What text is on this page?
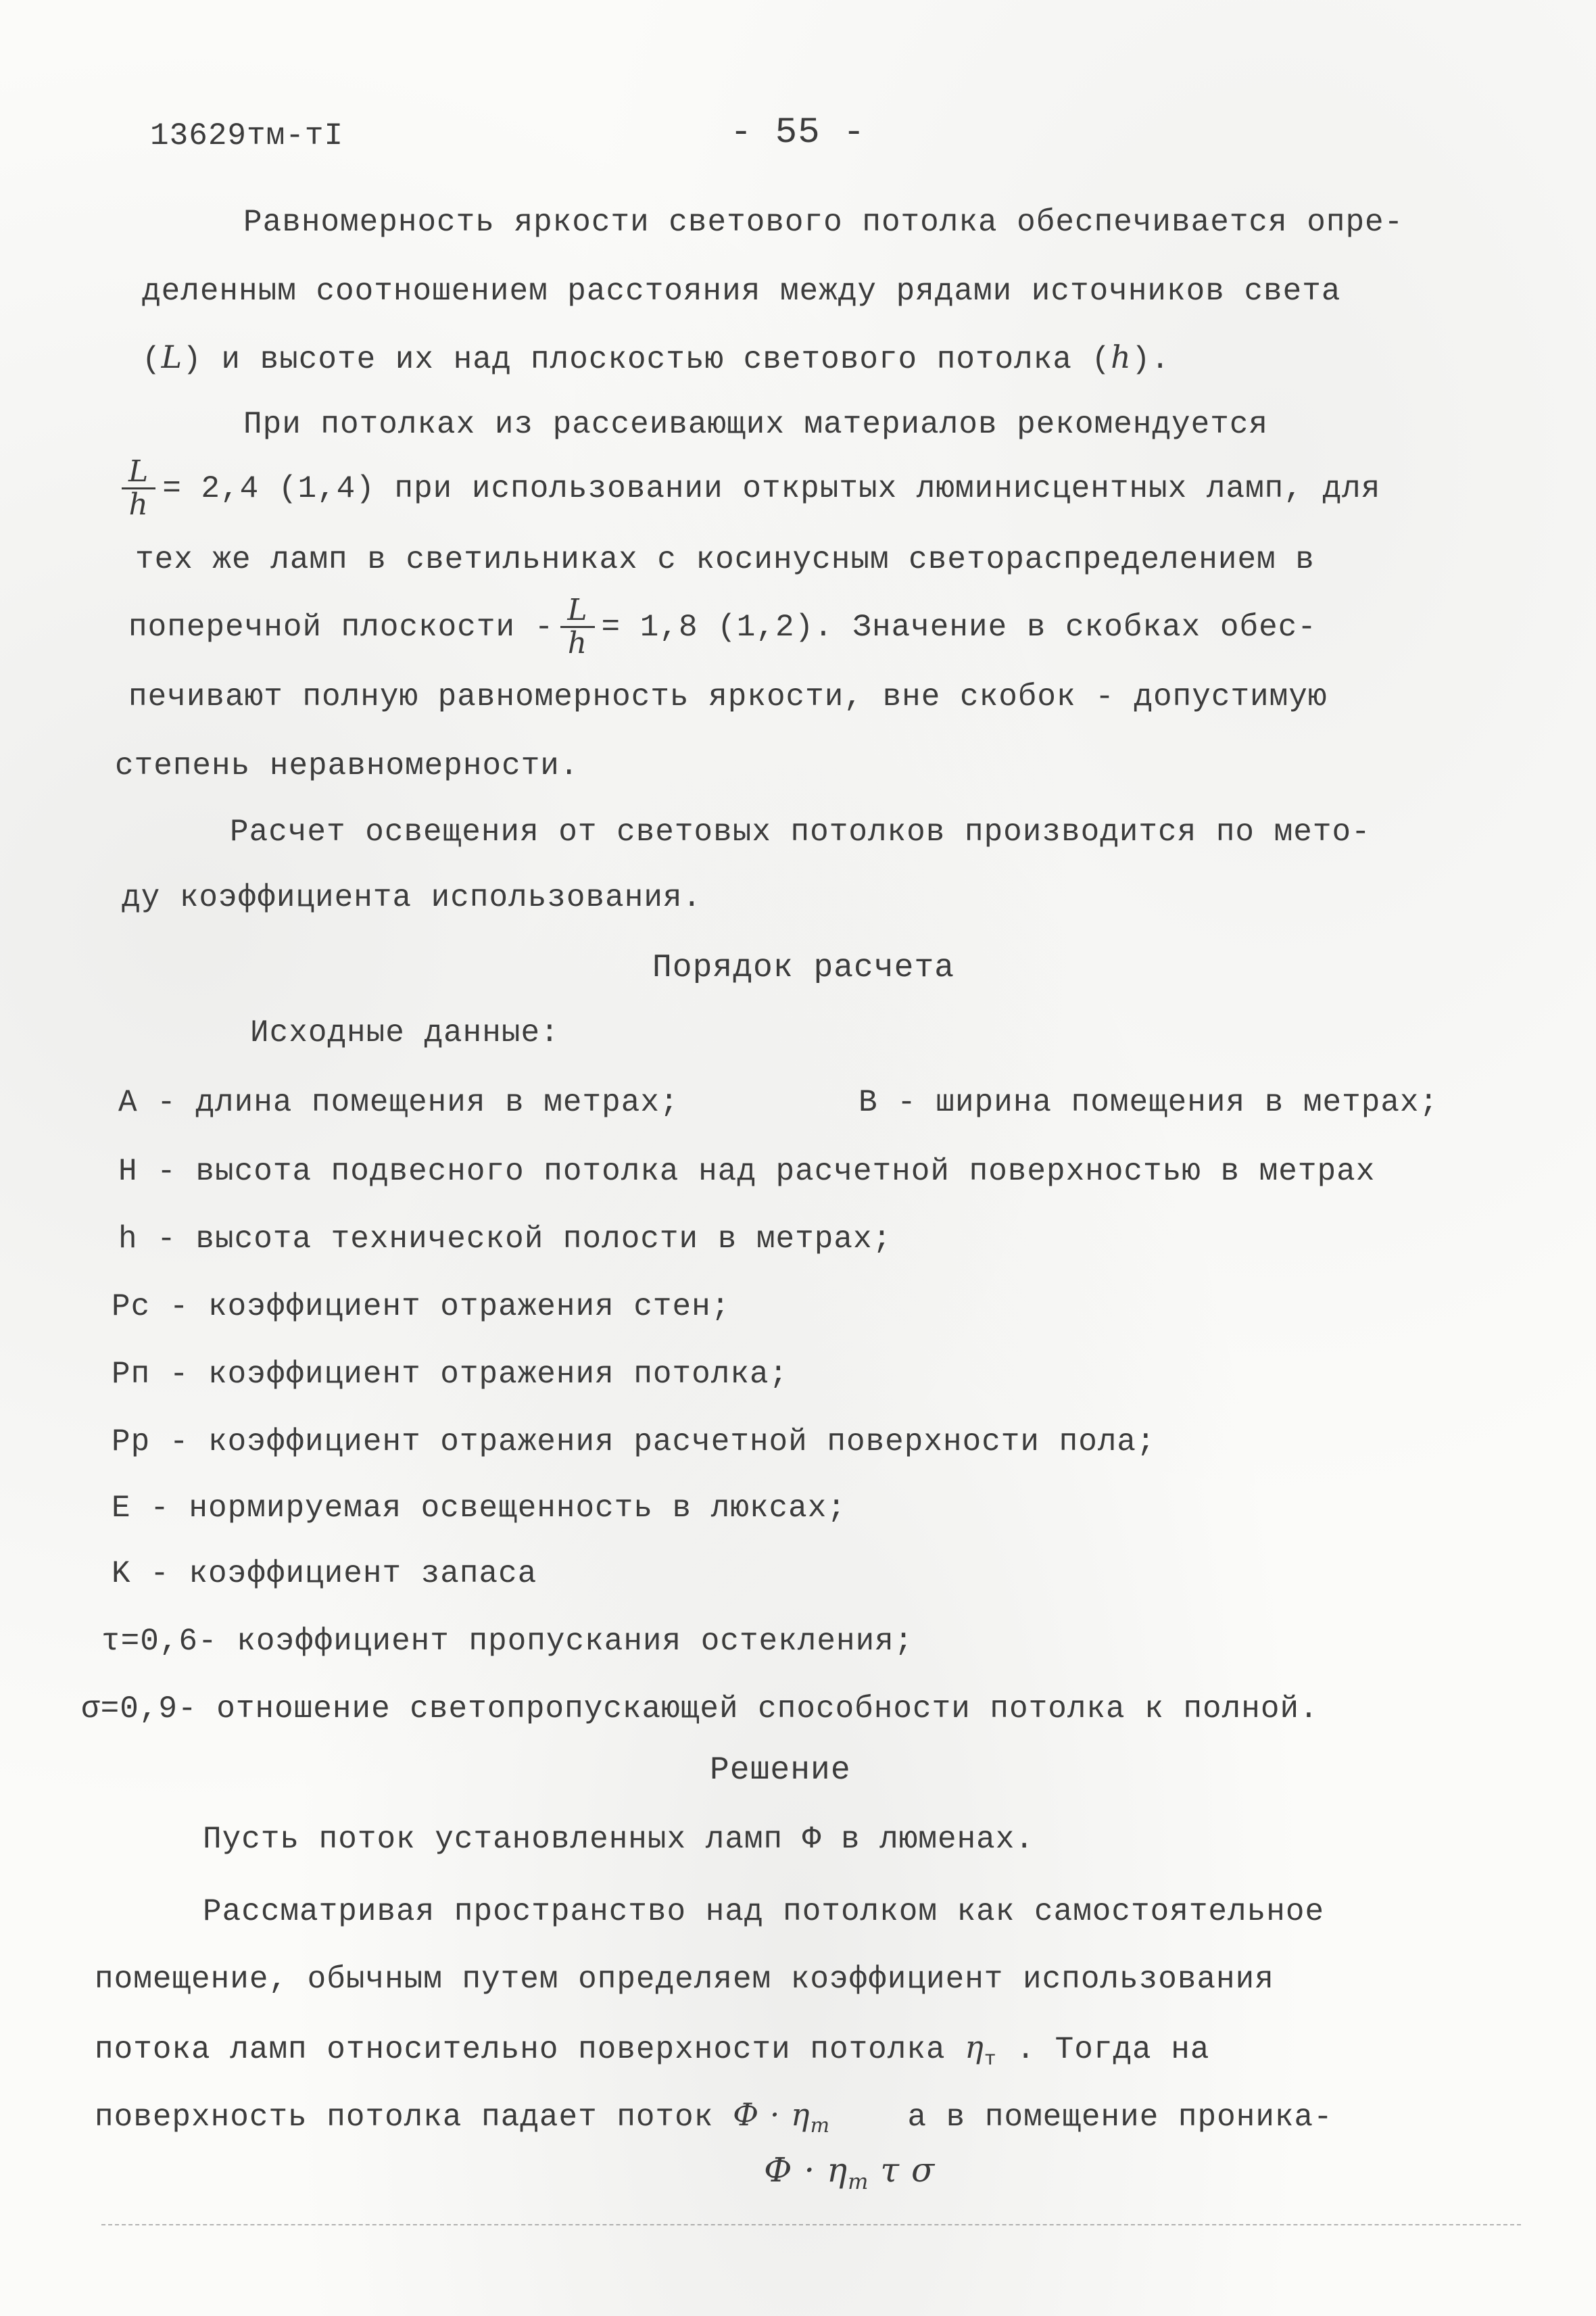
13629тм-тI	- 55 -
Равномерность яркости светового потолка обеспечивается опре-
деленным соотношением расстояния между рядами источников света
(L) и высоте их над плоскостью светового потолка (h).
При потолках из рассеивающих материалов рекомендуется
$\frac{L}{h} = 2,4$ (1,4) при использовании открытых люминисцентных ламп, для
тех же ламп в светильниках с косинусным светораспределением в
поперечной плоскости - $\frac{L}{h} = 1,8$ (1,2). Значение в скобках обес-
печивают полную равномерность яркости, вне скобок - допустимую
степень неравномерности.
Расчет освещения от световых потолков производится по мето-
ду коэффициента использования.
Порядок расчета
Исходные данные:
A - длина помещения в метрах;	B - ширина помещения в метрах;
H - высота подвесного потолка над расчетной поверхностью в метрах
h - высота технической полости в метрах;
Pc - коэффициент отражения стен;
Pп - коэффициент отражения потолка;
Pp - коэффициент отражения расчетной поверхности пола;
E - нормируемая освещенность в люксах;
K - коэффициент запаса
τ=0,6- коэффициент пропускания остекления;
σ=0,9- отношение светопропускающей способности потолка к полной.
Решение
Пусть поток установленных ламп Ф в люменах.
Рассматривая пространство над потолком как самостоятельное
помещение, обычным путем определяем коэффициент использования
потока ламп относительно поверхности потолка $\eta_т$ . Тогда на
поверхность потолка падает поток $Ф \cdot \eta_т$ а в помещение проника-
$Ф \cdot \eta_т$ τ σ
